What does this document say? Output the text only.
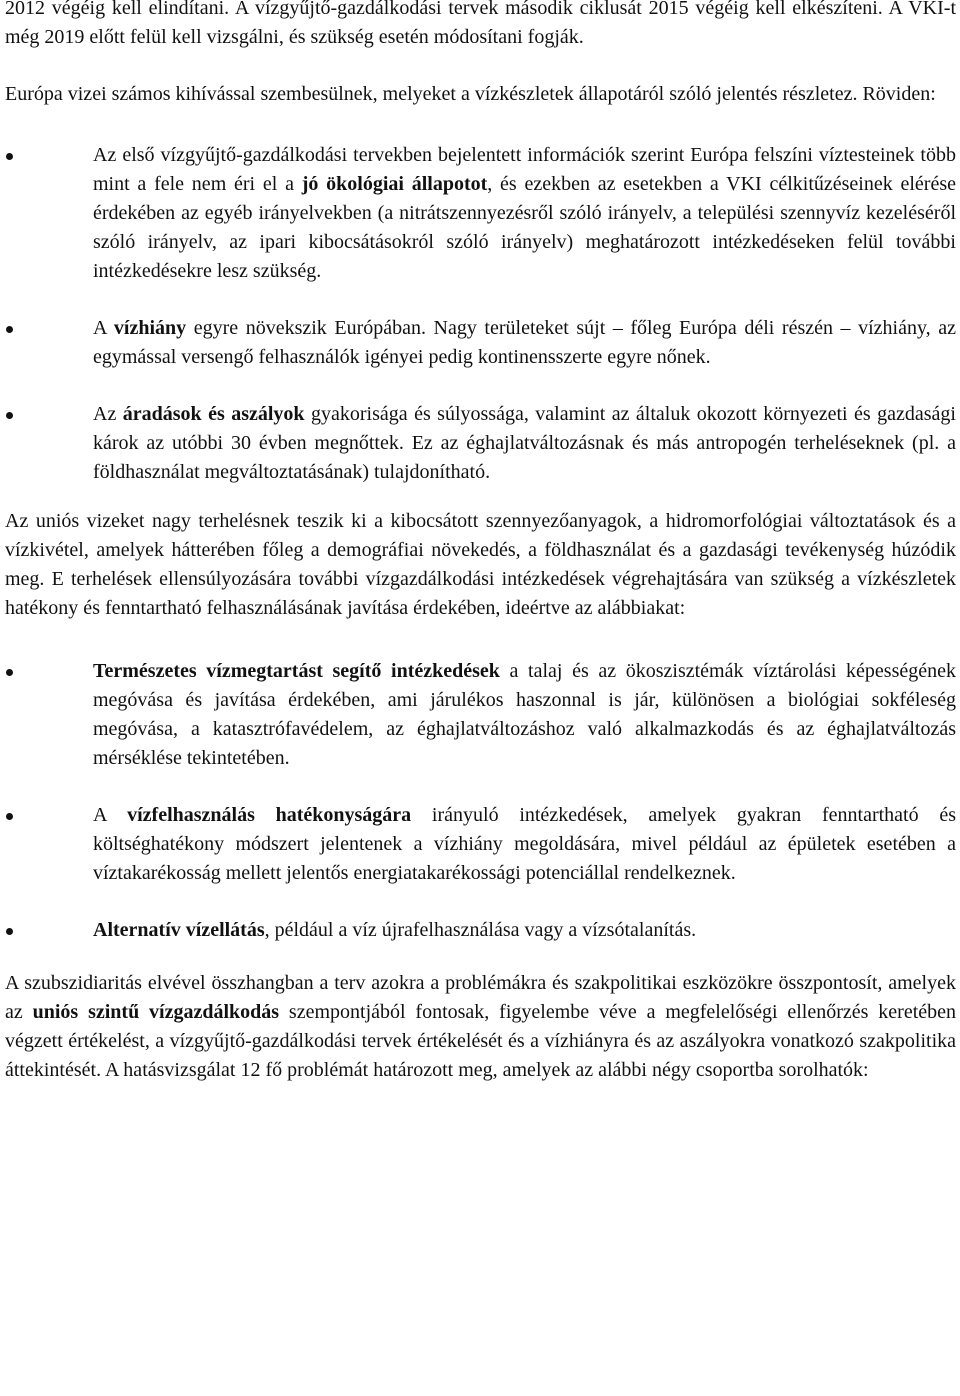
2012 végéig kell elindítani. A vízgyűjtő-gazdálkodási tervek második ciklusát 2015 végéig kell elkészíteni. A VKI-t még 2019 előtt felül kell vizsgálni, és szükség esetén módosítani fogják.

Európa vizei számos kihívással szembesülnek, melyeket a vízkészletek állapotáról szóló jelentés részletez. Röviden:

Az első vízgyűjtő-gazdálkodási tervekben bejelentett információk szerint Európa felszíni víztesteinek több mint a fele nem éri el a jó ökológiai állapotot, és ezekben az esetekben a VKI célkitűzéseinek elérése érdekében az egyéb irányelvekben (a nitrátszennyezésről szóló irányelv, a települési szennyvíz kezeléséről szóló irányelv, az ipari kibocsátásokról szóló irányelv) meghatározott intézkedéseken felül további intézkedésekre lesz szükség.
A vízhiány egyre növekszik Európában. Nagy területeket sújt – főleg Európa déli részén – vízhiány, az egymással versengő felhasználók igényei pedig kontinensszerte egyre nőnek.
Az áradások és aszályok gyakorisága és súlyossága, valamint az általuk okozott környezeti és gazdasági károk az utóbbi 30 évben megnőttek. Ez az éghajlatváltozásnak és más antropogén terheléseknek (pl. a földhasználat megváltoztatásának) tulajdonítható.

Az uniós vizeket nagy terhelésnek teszik ki a kibocsátott szennyezőanyagok, a hidromorfológiai változtatások és a vízkivétel, amelyek hátterében főleg a demográfiai növekedés, a földhasználat és a gazdasági tevékenység húzódik meg. E terhelések ellensúlyozására további vízgazdálkodási intézkedések végrehajtására van szükség a vízkészletek hatékony és fenntartható felhasználásának javítása érdekében, ideértve az alábbiakat:

Természetes vízmegtartást segítő intézkedések a talaj és az ökoszisztémák víztárolási képességének megóvása és javítása érdekében, ami járulékos haszonnal is jár, különösen a biológiai sokféleség megóvása, a katasztrófavédelem, az éghajlatváltozáshoz való alkalmazkodás és az éghajlatváltozás mérséklése tekintetében.
A vízfelhasználás hatékonyságára irányuló intézkedések, amelyek gyakran fenntartható és költséghatékony módszert jelentenek a vízhiány megoldására, mivel például az épületek esetében a víztakarékosság mellett jelentős energiatakarékossági potenciállal rendelkeznek.
Alternatív vízellátás, például a víz újrafelhasználása vagy a vízsótalanítás.

A szubszidiaritás elvével összhangban a terv azokra a problémákra és szakpolitikai eszközökre összpontosít, amelyek az uniós szintű vízgazdálkodás szempontjából fontosak, figyelembe véve a megfelelőségi ellenőrzés keretében végzett értékelést, a vízgyűjtő-gazdálkodási tervek értékelését és a vízhiányra és az aszályokra vonatkozó szakpolitika áttekintését. A hatásvizsgálat 12 fő problémát határozott meg, amelyek az alábbi négy csoportba sorolhatók:
